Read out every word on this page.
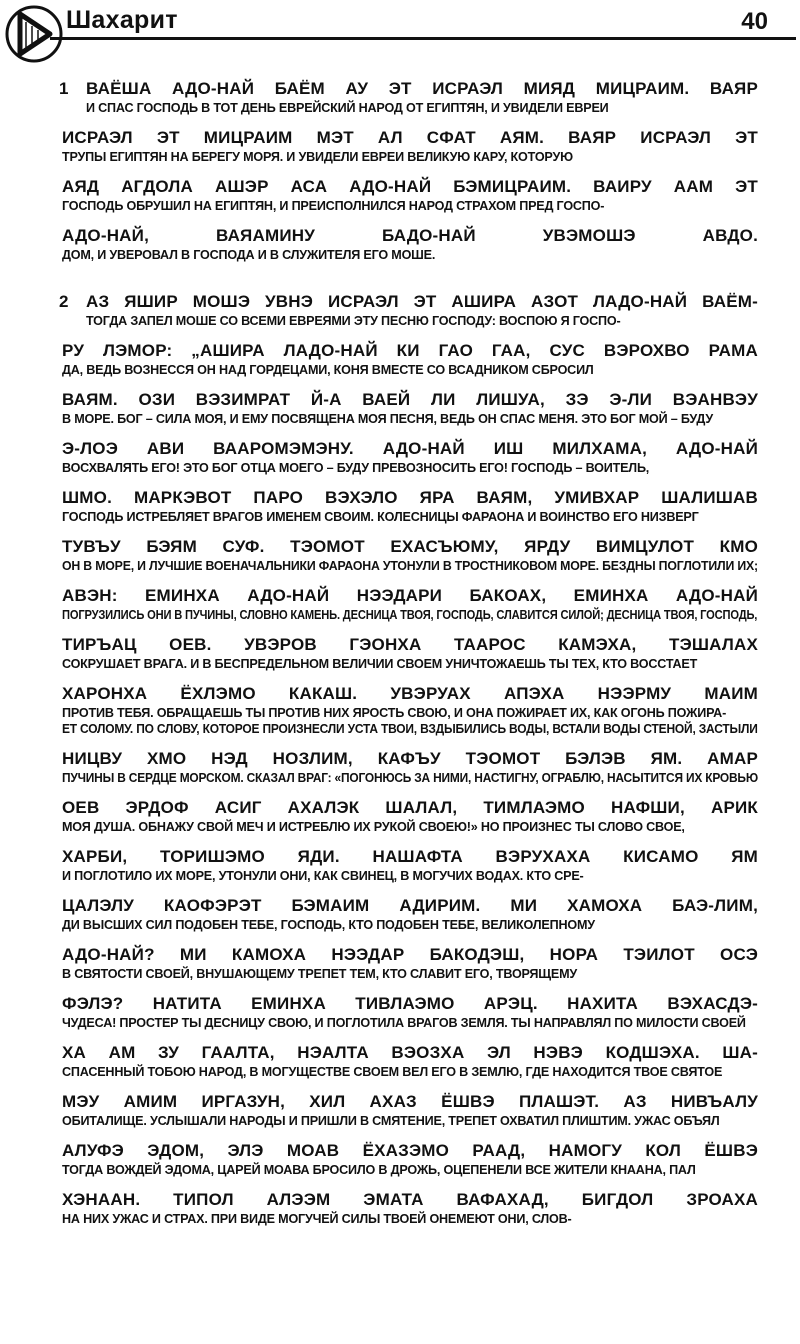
Шахарит	40
1	ВАЁША АДО-НАЙ БАЁМ АУ ЭТ ИСРАЭЛ МИЯД МИЦРАИМ. ВАЯР
И СПАС ГОСПОДЬ В ТОТ ДЕНЬ ЕВРЕЙСКИЙ НАРОД ОТ ЕГИПТЯН, И УВИДЕЛИ ЕВРЕИ
ИСРАЭЛ ЭТ МИЦРАИМ МЭТ АЛ СФАТ АЯМ. ВАЯР ИСРАЭЛ ЭТ
ТРУПЫ ЕГИПТЯН НА БЕРЕГУ МОРЯ. И УВИДЕЛИ ЕВРЕИ ВЕЛИКУЮ КАРУ, КОТОРУЮ
АЯД АГДОЛА АШЭР АСА АДО-НАЙ БЭМИЦРАИМ. ВАИРУ ААМ ЭТ
ГОСПОДЬ ОБРУШИЛ НА ЕГИПТЯН, И ПРЕИСПОЛНИЛСЯ НАРОД СТРАХОМ ПРЕД ГОСПО-
АДО-НАЙ, ВАЯАМИНУ БАДО-НАЙ УВЭМОШЭ АВДО.
ДОМ, И УВЕРОВАЛ В ГОСПОДА И В СЛУЖИТЕЛЯ ЕГО МОШЕ.
2	АЗ ЯШИР МОШЭ УВНЭ ИСРАЭЛ ЭТ АШИРА АЗОТ ЛАДО-НАЙ ВАЁМ-
ТОГДА ЗАПЕЛ МОШЕ СО ВСЕМИ ЕВРЕЯМИ ЭТУ ПЕСНЮ ГОСПОДУ: ВОСПОЮ Я ГОСПО-
РУ ЛЭМОР: „АШИРА ЛАДО-НАЙ КИ ГАО ГАА, СУС ВЭРОХВО РАМА
ДА, ВЕДЬ ВОЗНЕССЯ ОН НАД ГОРДЕЦАМИ, КОНЯ ВМЕСТЕ СО ВСАДНИКОМ СБРОСИЛ
ВАЯМ. ОЗИ ВЭЗИМРАТ Й-А ВАЕЙ ЛИ ЛИШУА, ЗЭ Э-ЛИ ВЭАНВЭУ
В МОРЕ. БОГ – СИЛА МОЯ, И ЕМУ ПОСВЯЩЕНА МОЯ ПЕСНЯ, ВЕДЬ ОН СПАС МЕНЯ. ЭТО БОГ МОЙ – БУДУ
Э-ЛОЭ АВИ ВААРОМЭМЭНУ. АДО-НАЙ ИШ МИЛХАМА, АДО-НАЙ
ВОСХВАЛЯТЬ ЕГО! ЭТО БОГ ОТЦА МОЕГО – БУДУ ПРЕВОЗНОСИТЬ ЕГО! ГОСПОДЬ – ВОИТЕЛЬ,
ШМО. МАРКЭВОТ ПАРО ВЭХЭЛО ЯРА ВАЯМ, УМИВХАР ШАЛИШАВ
ГОСПОДЬ ИСТРЕБЛЯЕТ ВРАГОВ ИМЕНЕМ СВОИМ. КОЛЕСНИЦЫ ФАРАОНА И ВОИНСТВО ЕГО НИЗВЕРГ
ТУВЪУ БЭЯМ СУФ. ТЭОМОТ ЕХАСЪЮМУ, ЯРДУ ВИМЦУЛОТ КМО
ОН В МОРЕ, И ЛУЧШИЕ ВОЕНАЧАЛЬНИКИ ФАРАОНА УТОНУЛИ В ТРОСТНИКОВОМ МОРЕ. БЕЗДНЫ ПОГЛОТИЛИ ИХ;
АВЭН: ЕМИНХА АДО-НАЙ НЭЭДАРИ БАКОАХ, ЕМИНХА АДО-НАЙ
ПОГРУЗИЛИСЬ ОНИ В ПУЧИНЫ, СЛОВНО КАМЕНЬ. ДЕСНИЦА ТВОЯ, ГОСПОДЬ, СЛАВИТСЯ СИЛОЙ; ДЕСНИЦА ТВОЯ, ГОСПОДЬ,
ТИРЪАЦ ОЕВ. УВЭРОВ ГЭОНХА ТААРОС КАМЭХА, ТЭШАЛАХ
СОКРУШАЕТ ВРАГА. И В БЕСПРЕДЕЛЬНОМ ВЕЛИЧИИ СВОЕМ УНИЧТОЖАЕШЬ ТЫ ТЕХ, КТО ВОССТАЕТ
ХАРОНХА ЁХЛЭМО КАКАШ. УВЭРУАХ АПЭХА НЭЭРМУ МАИМ
ПРОТИВ ТЕБЯ. ОБРАЩАЕШЬ ТЫ ПРОТИВ НИХ ЯРОСТЬ СВОЮ, И ОНА ПОЖИРАЕТ ИХ, КАК ОГОНЬ ПОЖИРА-
ЕТ СОЛОМУ. ПО СЛОВУ, КОТОРОЕ ПРОИЗНЕСЛИ УСТА ТВОИ, ВЗДЫБИЛИСЬ ВОДЫ, ВСТАЛИ ВОДЫ СТЕНОЙ, ЗАСТЫЛИ
НИЦВУ ХМО НЭД НОЗЛИМ, КАФЪУ ТЭОМОТ БЭЛЭВ ЯМ. АМАР
ПУЧИНЫ В СЕРДЦЕ МОРСКОМ. СКАЗАЛ ВРАГ: «ПОГОНЮСЬ ЗА НИМИ, НАСТИГНУ, ОГРАБЛЮ, НАСЫТИТСЯ ИХ КРОВЬЮ
ОЕВ ЭРДОФ АСИГ АХАЛЭК ШАЛАЛ, ТИМЛАЭМО НАФШИ, АРИК
МОЯ ДУША. ОБНАЖУ СВОЙ МЕЧ И ИСТРЕБЛЮ ИХ РУКОЙ СВОЕЮ!» НО ПРОИЗНЕС ТЫ СЛОВО СВОЕ,
ХАРБИ, ТОРИШЭМО ЯДИ. НАШАФТА ВЭРУХАХА КИСАМО ЯМ
И ПОГЛОТИЛО ИХ МОРЕ, УТОНУЛИ ОНИ, КАК СВИНЕЦ, В МОГУЧИХ ВОДАХ. КТО СРЕ-
ЦАЛЭЛУ КАОФЭРЭТ БЭМАИМ АДИРИМ. МИ ХАМОХА БАЭ-ЛИМ,
ДИ ВЫСШИХ СИЛ ПОДОБЕН ТЕБЕ, ГОСПОДЬ, КТО ПОДОБЕН ТЕБЕ, ВЕЛИКОЛЕПНОМУ
АДО-НАЙ? МИ КАМОХА НЭЭДАР БАКОДЭШ, НОРА ТЭИЛОТ ОСЭ
В СВЯТОСТИ СВОЕЙ, ВНУШАЮЩЕМУ ТРЕПЕТ ТЕМ, КТО СЛАВИТ ЕГО, ТВОРЯЩЕМУ
ФЭЛЭ? НАТИТА ЕМИНХА ТИВЛАЭМО АРЭЦ. НАХИТА ВЭХАСДЭ-
ЧУДЕСА! ПРОСТЕР ТЫ ДЕСНИЦУ СВОЮ, И ПОГЛОТИЛА ВРАГОВ ЗЕМЛЯ. ТЫ НАПРАВЛЯЛ ПО МИЛОСТИ СВОЕЙ
ХА АМ ЗУ ГААЛТА, НЭАЛТА ВЭОЗХА ЭЛ НЭВЭ КОДШЭХА. ША-
СПАСЕННЫЙ ТОБОЮ НАРОД, В МОГУЩЕСТВЕ СВОЕМ ВЕЛ ЕГО В ЗЕМЛЮ, ГДЕ НАХОДИТСЯ ТВОЕ СВЯТОЕ
МЭУ АМИМ ИРГАЗУН, ХИЛ АХАЗ ЁШВЭ ПЛАШЭТ. АЗ НИВЪАЛУ
ОБИТАЛИЩЕ. УСЛЫШАЛИ НАРОДЫ И ПРИШЛИ В СМЯТЕНИЕ, ТРЕПЕТ ОХВАТИЛ ПЛИШТИМ. УЖАС ОБЪЯЛ
АЛУФЭ ЭДОМ, ЭЛЭ МОАВ ЁХАЗЭМО РААД, НАМОГУ КОЛ ЁШВЭ
ТОГДА ВОЖДЕЙ ЭДОМА, ЦАРЕЙ МОАВА БРОСИЛО В ДРОЖЬ, ОЦЕПЕНЕЛИ ВСЕ ЖИТЕЛИ КНААНА, ПАЛ
ХЭНААН. ТИПОЛ АЛЭЭМ ЭМАТА ВАФАХАД, БИГДОЛ ЗРОАХА
НА НИХ УЖАС И СТРАХ. ПРИ ВИДЕ МОГУЧЕЙ СИЛЫ ТВОЕЙ ОНЕМЕЮТ ОНИ, СЛОВ-
